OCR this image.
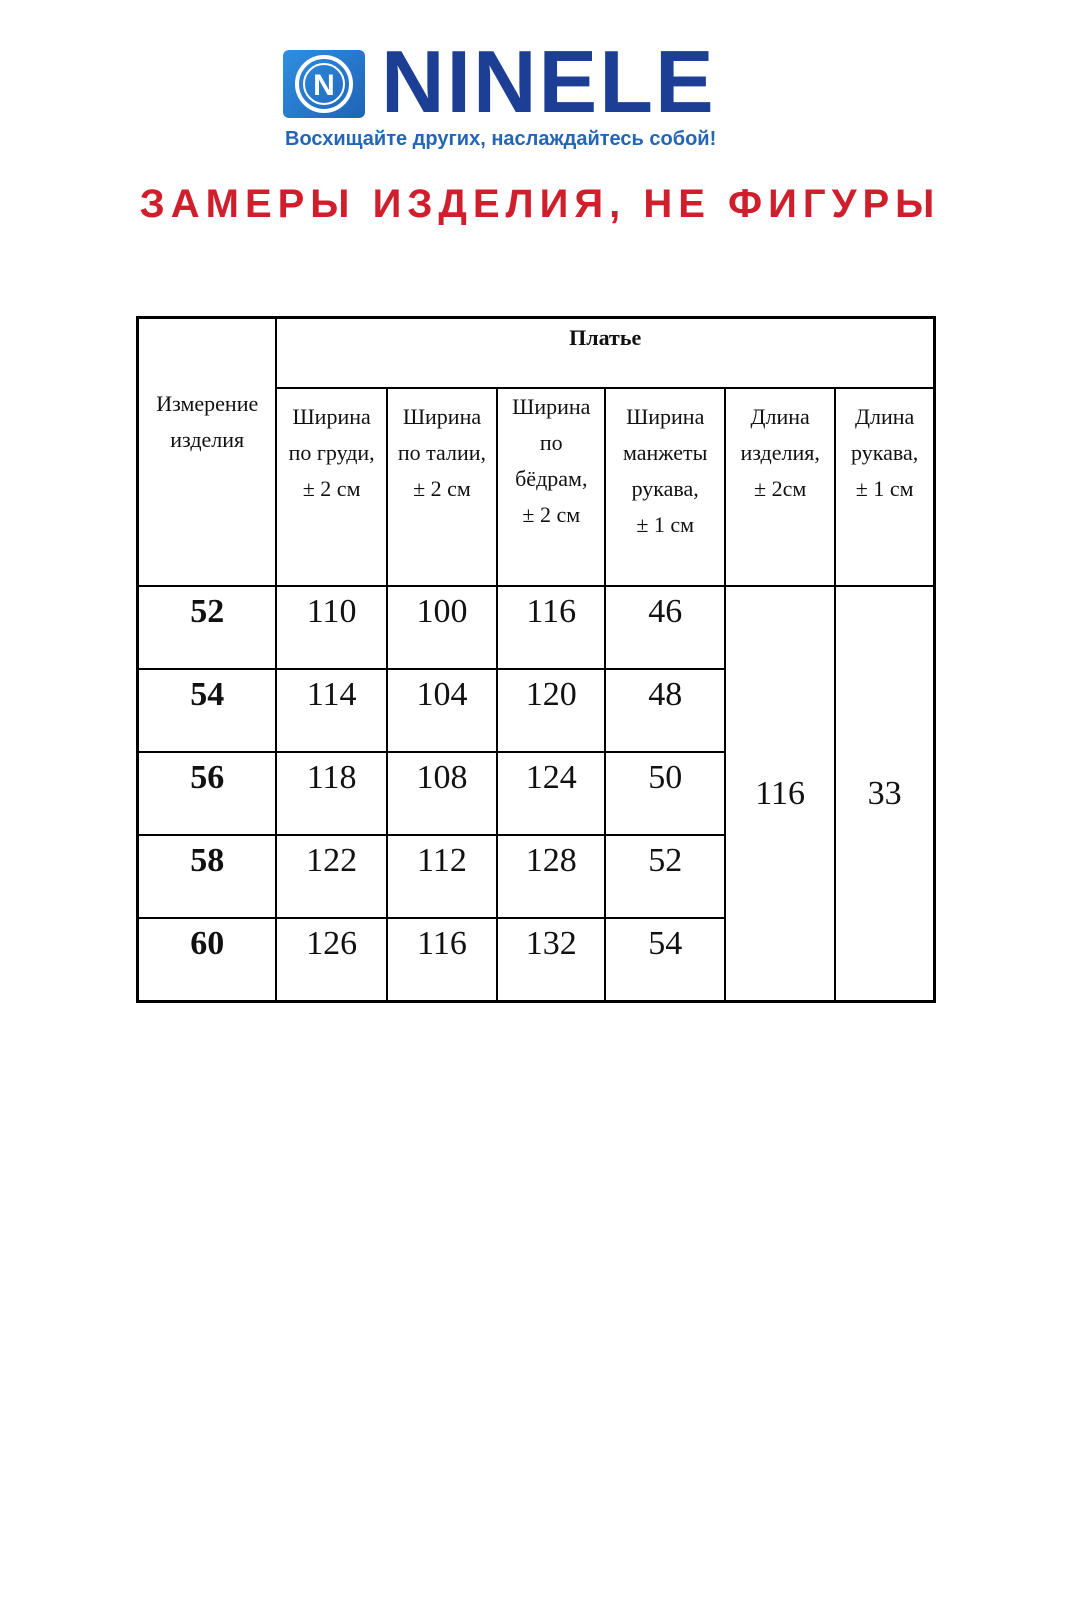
N NINELE
Восхищайте других, наслаждайтесь собой!
ЗАМЕРЫ ИЗДЕЛИЯ, НЕ ФИГУРЫ
Измерение
изделия	Платье					
	Ширина
по груди,
± 2 см	Ширина
по талии,
± 2 см	Ширина
по
бёдрам,
± 2 см	Ширина
манжеты
рукава,
± 1 см	Длина
изделия,
± 2см	Длина
рукава,
± 1 см
52	110	100	116	46	116	33
54	114	104	120	48		
56	118	108	124	50		
58	122	112	128	52		
60	126	116	132	54		
